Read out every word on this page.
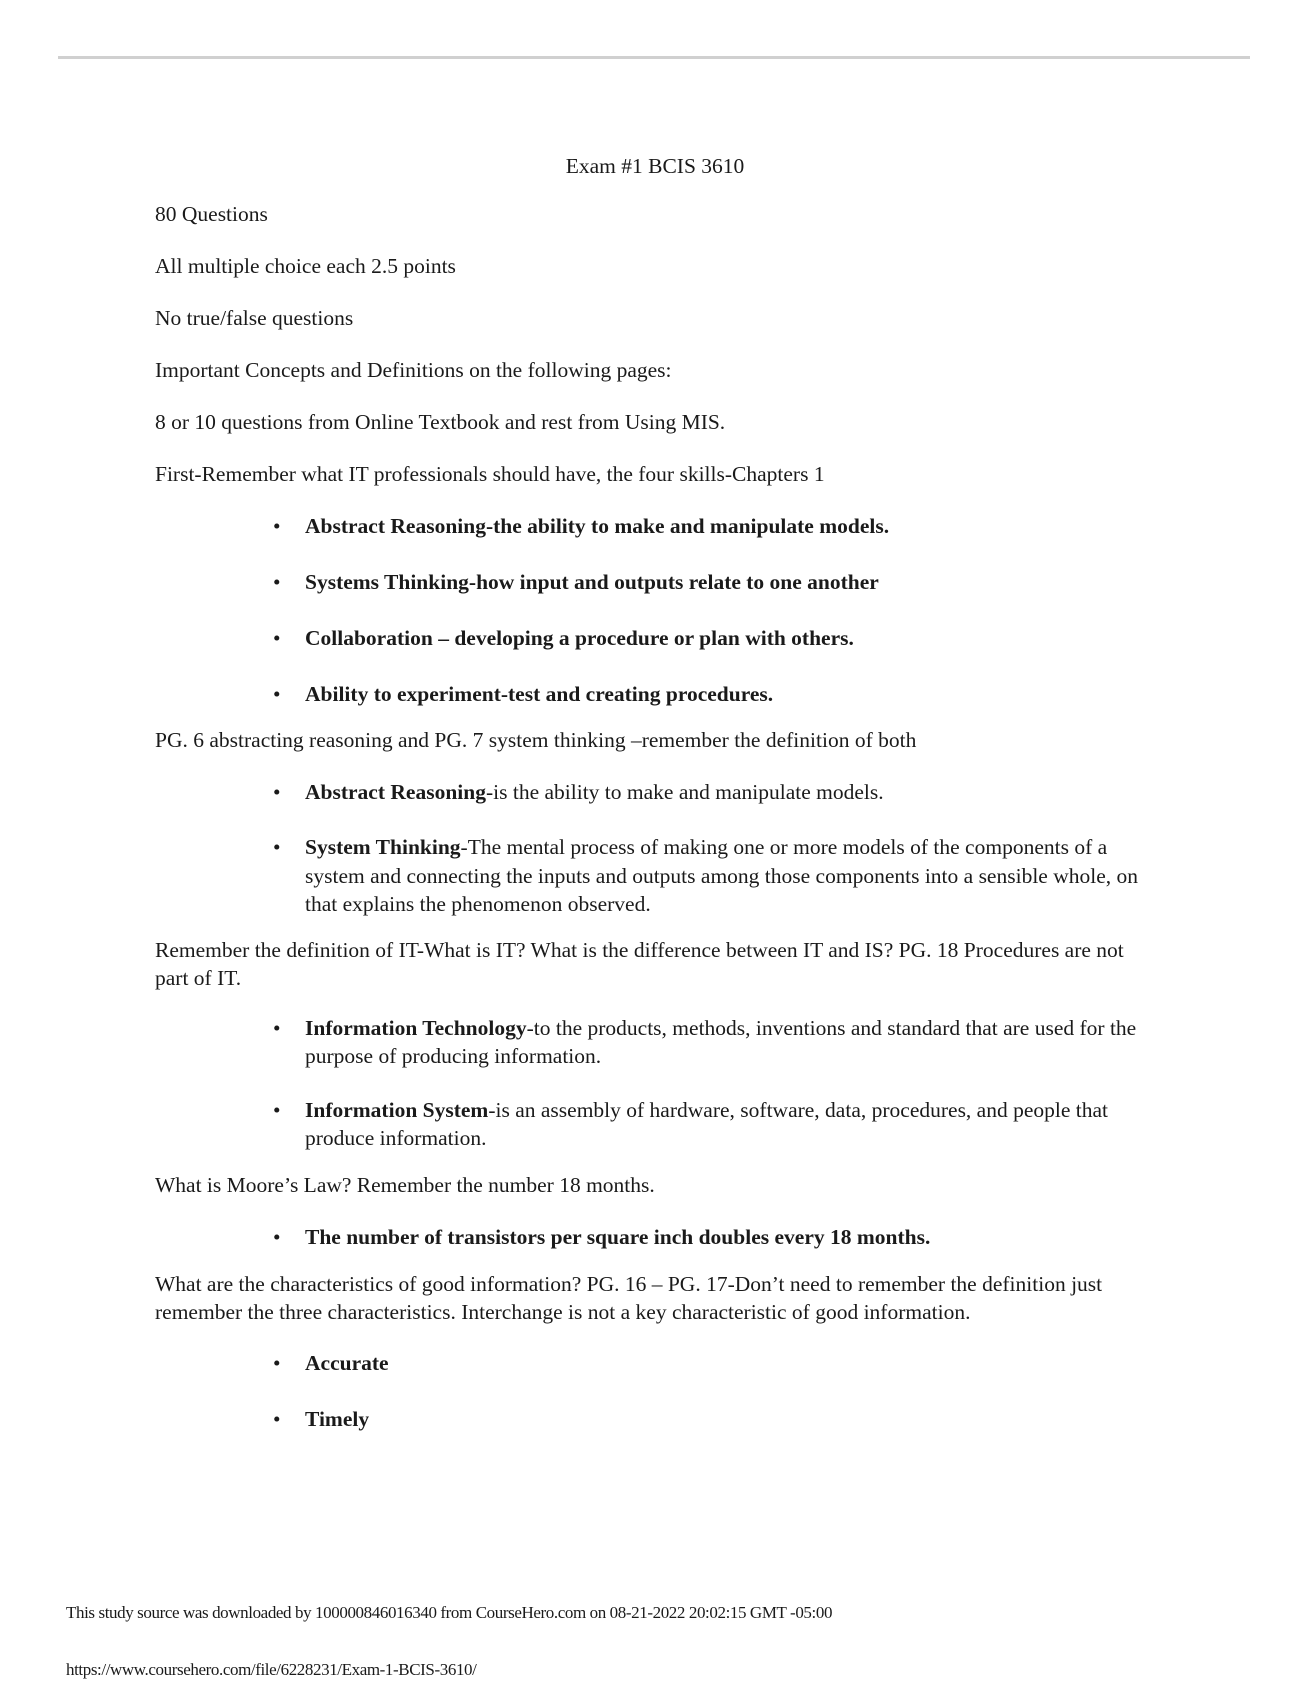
Exam #1 BCIS 3610
80 Questions
All multiple choice each 2.5 points
No true/false questions
Important Concepts and Definitions on the following pages:
8 or 10 questions from Online Textbook and rest from Using MIS.
First-Remember what IT professionals should have, the four skills-Chapters 1
• Abstract Reasoning-the ability to make and manipulate models.
• Systems Thinking-how input and outputs relate to one another
• Collaboration – developing a procedure or plan with others.
• Ability to experiment-test and creating procedures.
PG. 6 abstracting reasoning and PG. 7 system thinking –remember the definition of both
• Abstract Reasoning-is the ability to make and manipulate models.
• System Thinking-The mental process of making one or more models of the components of a system and connecting the inputs and outputs among those components into a sensible whole, on that explains the phenomenon observed.
Remember the definition of IT-What is IT? What is the difference between IT and IS? PG. 18 Procedures are not part of IT.
• Information Technology-to the products, methods, inventions and standard that are used for the purpose of producing information.
• Information System-is an assembly of hardware, software, data, procedures, and people that produce information.
What is Moore’s Law? Remember the number 18 months.
• The number of transistors per square inch doubles every 18 months.
What are the characteristics of good information? PG. 16 – PG. 17-Don’t need to remember the definition just remember the three characteristics. Interchange is not a key characteristic of good information.
• Accurate
• Timely
This study source was downloaded by 100000846016340 from CourseHero.com on 08-21-2022 20:02:15 GMT -05:00
https://www.coursehero.com/file/6228231/Exam-1-BCIS-3610/
